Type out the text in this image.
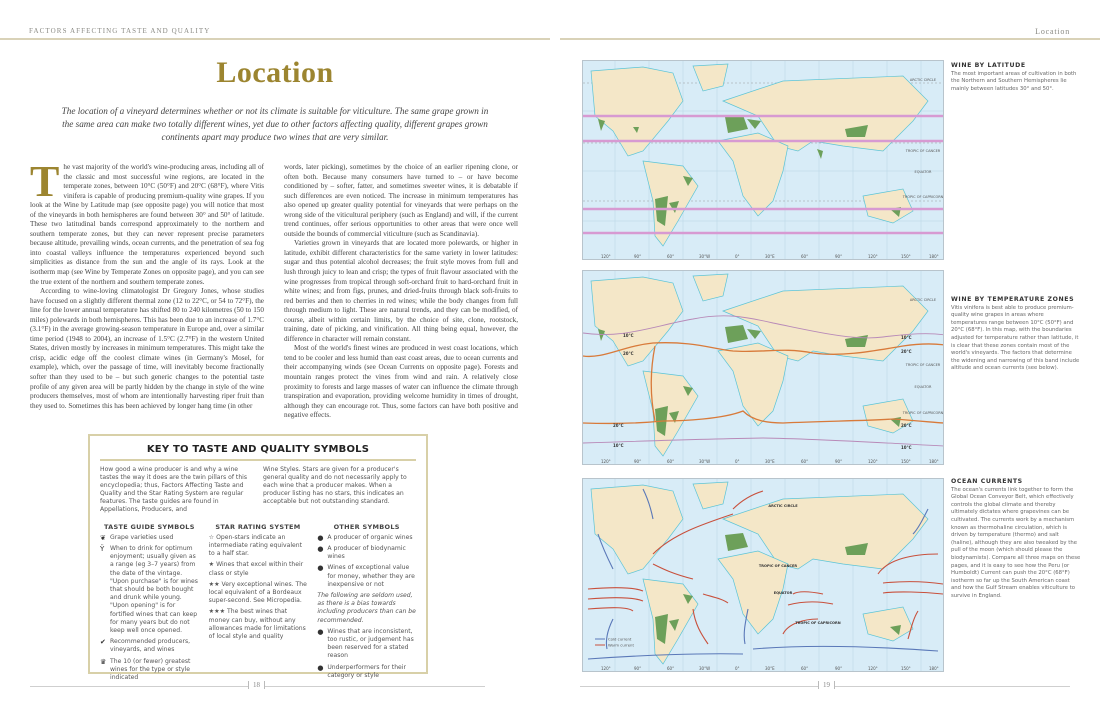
FACTORS AFFECTING TASTE AND QUALITY	Location
Location

The location of a vineyard determines whether or not its climate is suitable for viticulture. The same grape grown in the same area can make two totally different wines, yet due to other factors affecting quality, different grapes grown continents apart may produce two wines that are very similar.

The vast majority of the world's wine-producing areas, including all of the classic and most successful wine regions, are located in the temperate zones, between 10°C (50°F) and 20°C (68°F), where Vitis vinifera is capable of producing premium-quality wine grapes. If you look at the Wine by Latitude map (see opposite page) you will notice that most of the vineyards in both hemispheres are found between 30° and 50° of latitude. These two latitudinal bands correspond approximately to the northern and southern temperate zones, but they can never represent precise parameters because altitude, prevailing winds, ocean currents, and the penetration of sea fog into coastal valleys influence the temperatures experienced beyond such simplicities as distance from the sun and the angle of its rays. Look at the isotherm map (see Wine by Temperate Zones on opposite page), and you can see the true extent of the northern and southern temperate zones.

According to wine-loving climatologist Dr Gregory Jones, whose studies have focused on a slightly different thermal zone (12 to 22°C, or 54 to 72°F), the line for the lower annual temperature has shifted 80 to 240 kilometres (50 to 150 miles) polewards in both hemispheres. This has been due to an increase of 1.7°C (3.1°F) in the average growing-season temperature in Europe and, over a similar time period (1948 to 2004), an increase of 1.5°C (2.7°F) in the western United States, driven mostly by increases in minimum temperatures. This might take the crisp, acidic edge off the coolest climate wines (in Germany's Mosel, for example), which, over the passage of time, will inevitably become fractionally softer than they used to be – but such generic changes to the potential taste profile of any given area will be partly hidden by the change in style of the wine producers themselves, most of whom are intentionally harvesting riper fruit than they used to. Sometimes this has been achieved by longer hang time (in other

words, later picking), sometimes by the choice of an earlier ripening clone, or often both. Because many consumers have turned to – or have become conditioned by – softer, fatter, and sometimes sweeter wines, it is debatable if such differences are even noticed. The increase in minimum temperatures has also opened up greater quality potential for vineyards that were perhaps on the wrong side of the viticultural periphery (such as England) and will, if the current trend continues, offer serious opportunities to other areas that were once well outside the bounds of commercial viticulture (such as Scandinavia).

Varieties grown in vineyards that are located more polewards, or higher in latitude, exhibit different characteristics for the same variety in lower latitudes: sugar and thus potential alcohol decreases; the fruit style moves from full and lush through juicy to lean and crisp; the types of fruit flavour associated with the wine progresses from tropical through soft-orchard fruit to hard-orchard fruit in white wines; and from figs, prunes, and dried-fruits through black soft-fruits to red berries and then to cherries in red wines; while the body changes from full through medium to light. These are natural trends, and they can be modified, of course, albeit within certain limits, by the choice of site, clone, rootstock, training, date of picking, and vinification. All thing being equal, however, the difference in character will remain constant.

Most of the world's finest wines are produced in west coast locations, which tend to be cooler and less humid than east coast areas, due to ocean currents and their accompanying winds (see Ocean Currents on opposite page). Forests and mountain ranges protect the vines from wind and rain. A relatively close proximity to forests and large masses of water can influence the climate through transpiration and evaporation, providing welcome humidity in times of drought, although they can encourage rot. Thus, some factors can have both positive and negative effects.

KEY TO TASTE AND QUALITY SYMBOLS
How good a wine producer is and why a wine tastes the way it does are the twin pillars of this encyclopedia; thus, Factors Affecting Taste and Quality and the Star Rating System are regular features. The taste guides are found in Appellations, Producers, and
Wine Styles. Stars are given for a producer's general quality and do not necessarily apply to each wine that a producer makes. When a producer listing has no stars, this indicates an acceptable but not outstanding standard.
TASTE GUIDE SYMBOLS
❦ Grape varieties used
Ÿ When to drink for optimum enjoyment; usually given as a range (eg 3–7 years) from the date of the vintage. "Upon purchase" is for wines that should be both bought and drunk while young. "Upon opening" is for fortified wines that can keep for many years but do not keep well once opened.
✔ Recommended producers, vineyards, and wines
♛ The 10 (or fewer) greatest wines for the type or style indicated
STAR RATING SYSTEM
☆ Open-stars indicate an intermediate rating equivalent to a half star.
★ Wines that excel within their class or style
★★ Very exceptional wines. The local equivalent of a Bordeaux super-second. See Micropedia.
★★★ The best wines that money can buy, without any allowances made for limitations of local style and quality
OTHER SYMBOLS
● A producer of organic wines
● A producer of biodynamic wines
● Wines of exceptional value for money, whether they are inexpensive or not
The following are seldom used, as there is a bias towards including producers than can be recommended.
● Wines that are inconsistent, too rustic, or judgement has been reserved for a stated reason
● Underperformers for their category or style
18	19
ARCTIC CIRCLE
TROPIC OF CANCER
EQUATOR
TROPIC OF CAPRICORN
120°	90°	60°	30°W	0°	30°E	60°	90°	120°	150°	180°
WINE BY LATITUDE

The most important areas of cultivation in both the Northern and Southern Hemispheres lie mainly between latitudes 30° and 50°.

10°C
20°C
10°C
20°C
20°C
10°C
20°C
10°C
ARCTIC CIRCLE
TROPIC OF CANCER
EQUATOR
TROPIC OF CAPRICORN
120°	90°	60°	30°W	0°	30°E	60°	90°	120°	150°	180°
WINE BY TEMPERATURE ZONES

Vitis vinifera is best able to produce premium-quality wine grapes in areas where temperatures range between 10°C (50°F) and 20°C (68°F). In this map, with the boundaries adjusted for temperature rather than latitude, it is clear that these zones contain most of the world's vineyards. The factors that determine the widening and narrowing of this band include altitude and ocean currents (see below).

ARCTIC CIRCLE
TROPIC OF CANCER
EQUATOR
TROPIC OF CAPRICORN
Cold current
Warm current
120°	90°	60°	30°W	0°	30°E	60°	90°	120°	150°	180°
OCEAN CURRENTS

The ocean's currents link together to form the Global Ocean Conveyor Belt, which effectively controls the global climate and thereby ultimately dictates where grapevines can be cultivated. The currents work by a mechanism known as thermohaline circulation, which is driven by temperature (thermo) and salt (haline), although they are also tweaked by the pull of the moon (which should please the biodynamists). Compare all three maps on these pages, and it is easy to see how the Peru (or Humboldt) Current can push the 20°C (68°F) isotherm so far up the South American coast and how the Gulf Stream enables viticulture to survive in England.
